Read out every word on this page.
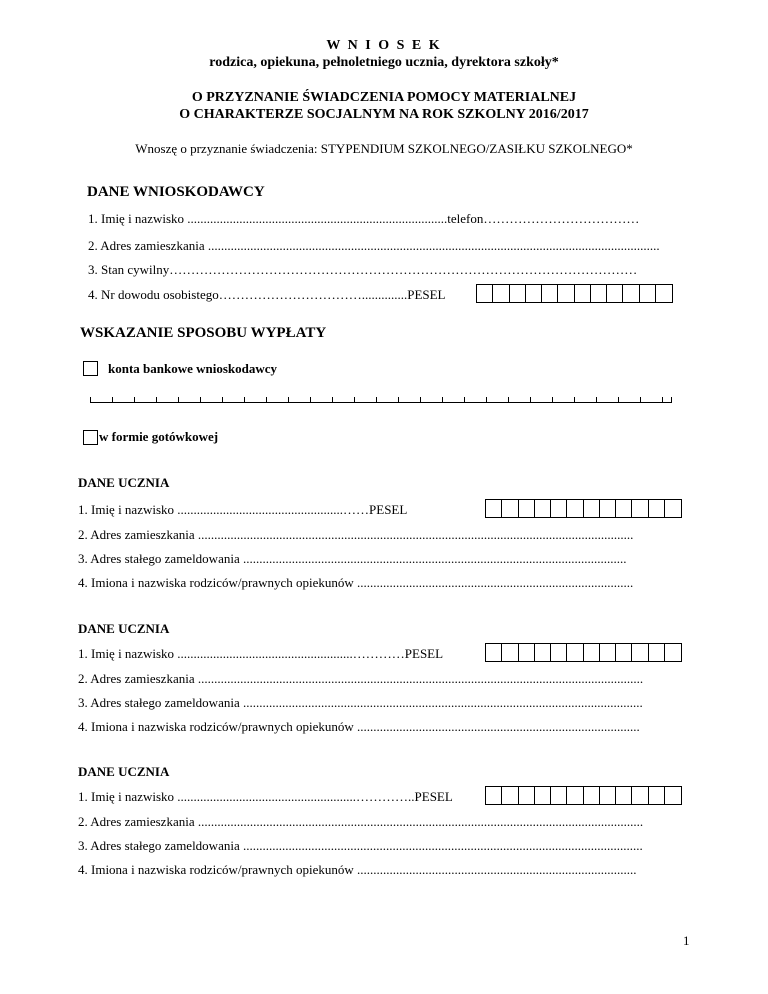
W N I O S E K
rodzica, opiekuna, pełnoletniego ucznia, dyrektora szkoły*
O PRZYZNANIE ŚWIADCZENIA POMOCY MATERIALNEJ
O CHARAKTERZE SOCJALNYM NA ROK SZKOLNY 2016/2017
Wnoszę o przyznanie świadczenia: STYPENDIUM SZKOLNEGO/ZASIŁKU SZKOLNEGO*
DANE WNIOSKODAWCY
1. Imię i nazwisko ................................................................................telefon………………………………
2. Adres zamieszkania ...........................................................................................................................................
3. Stan cywilny………………………………………………………………………………………………
4. Nr dowodu osobistego……………………………..............PESEL
WSKAZANIE SPOSOBU WYPŁATY
konta bankowe wnioskodawcy
w formie gotówkowej
DANE UCZNIA
1. Imię i nazwisko ...................................................……PESEL
2. Adres zamieszkania ......................................................................................................................................
3. Adres stałego zameldowania ......................................................................................................................
4. Imiona i nazwiska rodziców/prawnych opiekunów .....................................................................................
DANE UCZNIA
1. Imię i nazwisko ......................................................…………PESEL
2. Adres zamieszkania .........................................................................................................................................
3. Adres stałego zameldowania ...........................................................................................................................
4. Imiona i nazwiska rodziców/prawnych opiekunów .......................................................................................
DANE UCZNIA
1. Imię i nazwisko .......................................................…………..PESEL
2. Adres zamieszkania .........................................................................................................................................
3. Adres stałego zameldowania ...........................................................................................................................
4. Imiona i nazwiska rodziców/prawnych opiekunów ......................................................................................
1
